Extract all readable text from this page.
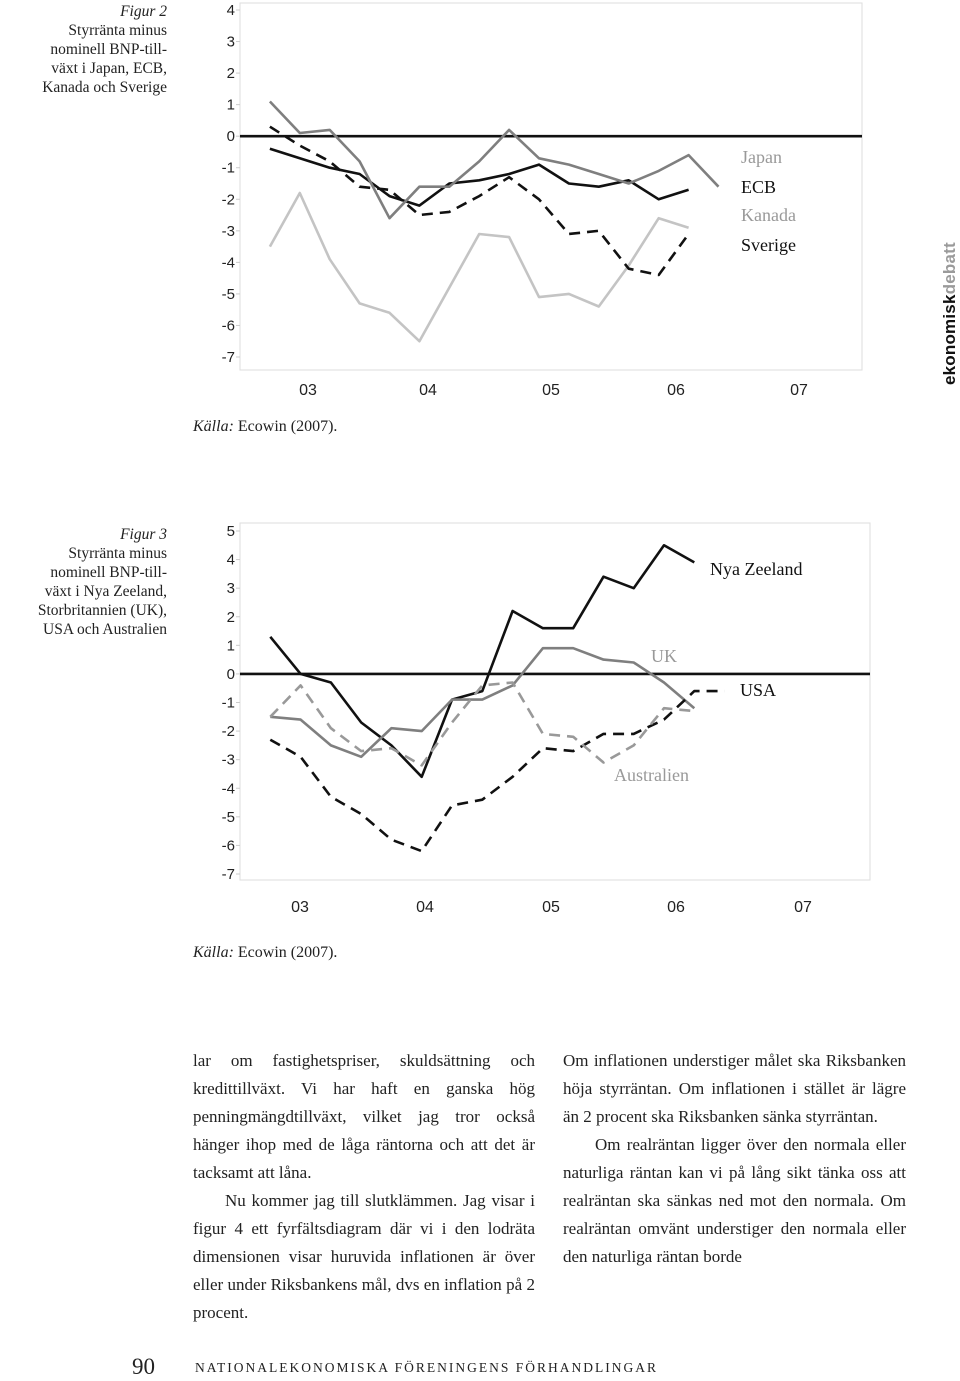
Figur 2
Styrränta minus
nominell BNP-till-
växt i Japan, ECB,
Kanada och Sverige
4
3
2
1
0
-1
-2
-3
-4
-5
-6
-7
03	04	05	06	07
Japan
ECB
Kanada
Sverige
ekonomiskdebatt
Källa: Ecowin (2007).
Figur 3
Styrränta minus
nominell BNP-till-
växt i Nya Zeeland,
Storbritannien (UK),
USA och Australien
5
4
3
2
1
0
-1
-2
-3
-4
-5
-6
-7
03	04	05	06	07
Nya Zeeland
UK
USA
Australien
Källa: Ecowin (2007).

lar om fastighetspriser, skuldsättning och kredittillväxt. Vi har haft en ganska hög penningmängdtillväxt, vilket jag tror också hänger ihop med de låga räntorna och att det är tacksamt att låna.

Nu kommer jag till slutklämmen. Jag visar i figur 4 ett fyrfältsdiagram där vi i den lodräta dimensionen visar huruvida inflationen är över eller under Riksbankens mål, dvs en inflation på 2 procent.

Om inflationen understiger målet ska Riksbanken höja styrräntan. Om inflationen i stället är lägre än 2 procent ska Riksbanken sänka styrräntan.

Om realräntan ligger över den normala eller naturliga räntan kan vi på lång sikt tänka oss att realräntan ska sänkas ned mot den normala. Om realräntan omvänt understiger den normala eller den naturliga räntan borde

90	NATIONALEKONOMISKA FÖRENINGENS FÖRHANDLINGAR
